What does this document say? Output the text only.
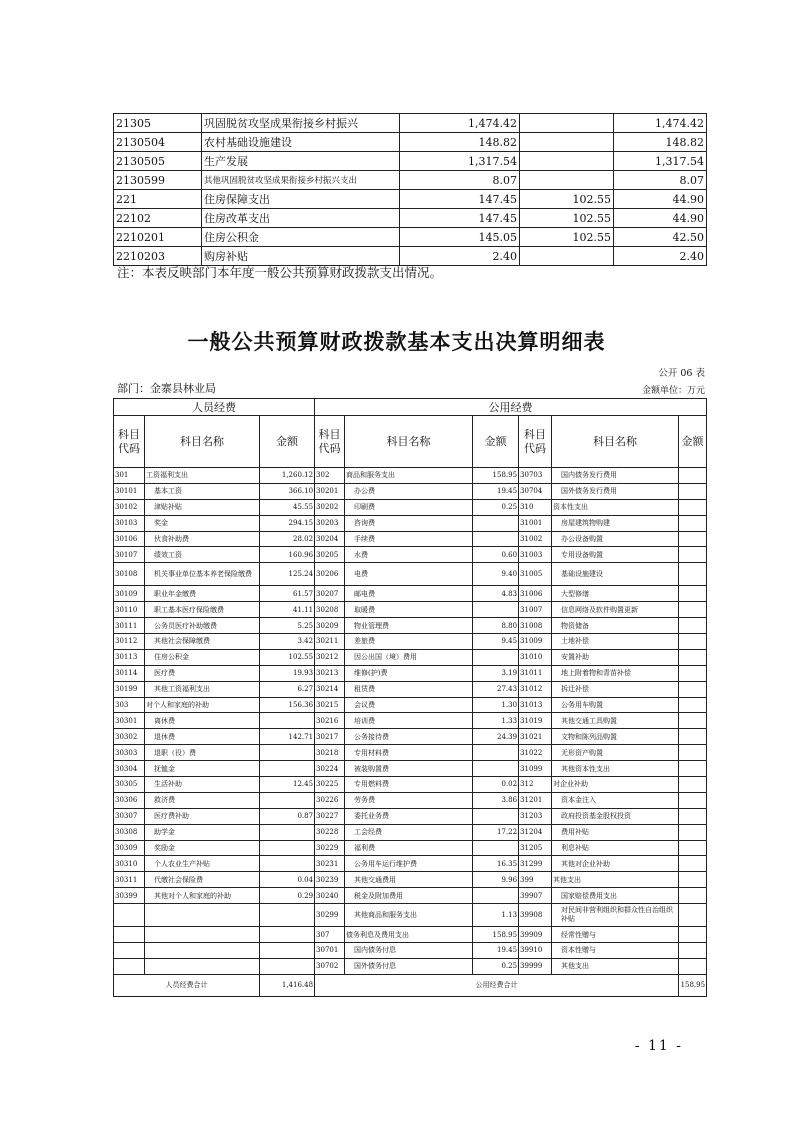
21305	巩固脱贫攻坚成果衔接乡村振兴	1,474.42		1,474.42
2130504	农村基础设施建设	148.82		148.82
2130505	生产发展	1,317.54		1,317.54
2130599	其他巩固脱贫攻坚成果衔接乡村振兴支出	8.07		8.07
221	住房保障支出	147.45	102.55	44.90
22102	住房改革支出	147.45	102.55	44.90
2210201	住房公积金	145.05	102.55	42.50
2210203	购房补贴	2.40		2.40
注：本表反映部门本年度一般公共预算财政拨款支出情况。
一般公共预算财政拨款基本支出决算明细表
公开 06 表
部门：金寨县林业局	金额单位：万元
人员经费			公用经费					
科目代码	科目名称	金额	科目代码	科目名称	金额	科目代码	科目名称	金额
301	工资福利支出	1,260.12	302	商品和服务支出	158.95	30703	国内债务发行费用	
30101	基本工资	366.10	30201	办公费	19.45	30704	国外债务发行费用	
30102	津贴补贴	45.55	30202	印刷费	0.25	310	资本性支出	
30103	奖金	294.15	30203	咨询费		31001	房屋建筑物购建	
30106	伙食补助费	28.02	30204	手续费		31002	办公设备购置	
30107	绩效工资	160.96	30205	水费	0.60	31003	专用设备购置	
30108	机关事业单位基本养老保险缴费	125.24	30206	电费	9.40	31005	基础设施建设	
30109	职业年金缴费	61.57	30207	邮电费	4.83	31006	大型修缮	
30110	职工基本医疗保险缴费	41.11	30208	取暖费		31007	信息网络及软件购置更新	
30111	公务员医疗补助缴费	5.25	30209	物业管理费	8.80	31008	物资储备	
30112	其他社会保障缴费	3.42	30211	差旅费	9.45	31009	土地补偿	
30113	住房公积金	102.55	30212	因公出国（境）费用		31010	安置补助	
30114	医疗费	19.93	30213	维修(护)费	3.19	31011	地上附着物和青苗补偿	
30199	其他工资福利支出	6.27	30214	租赁费	27.43	31012	拆迁补偿	
303	对个人和家庭的补助	156.36	30215	会议费	1.30	31013	公务用车购置	
30301	离休费		30216	培训费	1.33	31019	其他交通工具购置	
30302	退休费	142.71	30217	公务接待费	24.39	31021	文物和陈列品购置	
30303	退职（役）费		30218	专用材料费		31022	无形资产购置	
30304	抚恤金		30224	被装购置费		31099	其他资本性支出	
30305	生活补助	12.45	30225	专用燃料费	0.02	312	对企业补助	
30306	救济费		30226	劳务费	3.86	31201	资本金注入	
30307	医疗费补助	0.87	30227	委托业务费		31203	政府投资基金股权投资	
30308	助学金		30228	工会经费	17.22	31204	费用补贴	
30309	奖励金		30229	福利费		31205	利息补贴	
30310	个人农业生产补贴		30231	公务用车运行维护费	16.35	31299	其他对企业补助	
30311	代缴社会保险费	0.04	30239	其他交通费用	9.96	399	其他支出	
30399	其他对个人和家庭的补助	0.29	30240	税金及附加费用		39907	国家赔偿费用支出	
			30299	其他商品和服务支出	1.13	39908	对民间非营利组织和群众性自治组织补贴	
			307	债务利息及费用支出	158.95	39909	经常性赠与	
			30701	国内债务付息	19.45	39910	资本性赠与	
			30702	国外债务付息	0.25	39999	其他支出	
人员经费合计		1,416.48	公用经费合计					158.95
- 11 -
